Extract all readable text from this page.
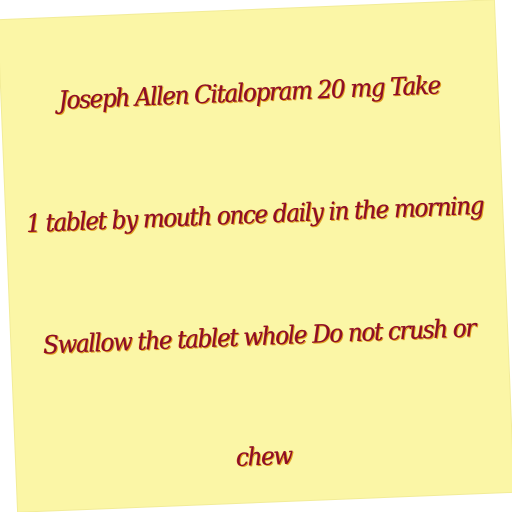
Joseph Allen Citalopram 20 mg Take

1 tablet by mouth once daily in the morning

Swallow the tablet whole Do not crush or

chew
